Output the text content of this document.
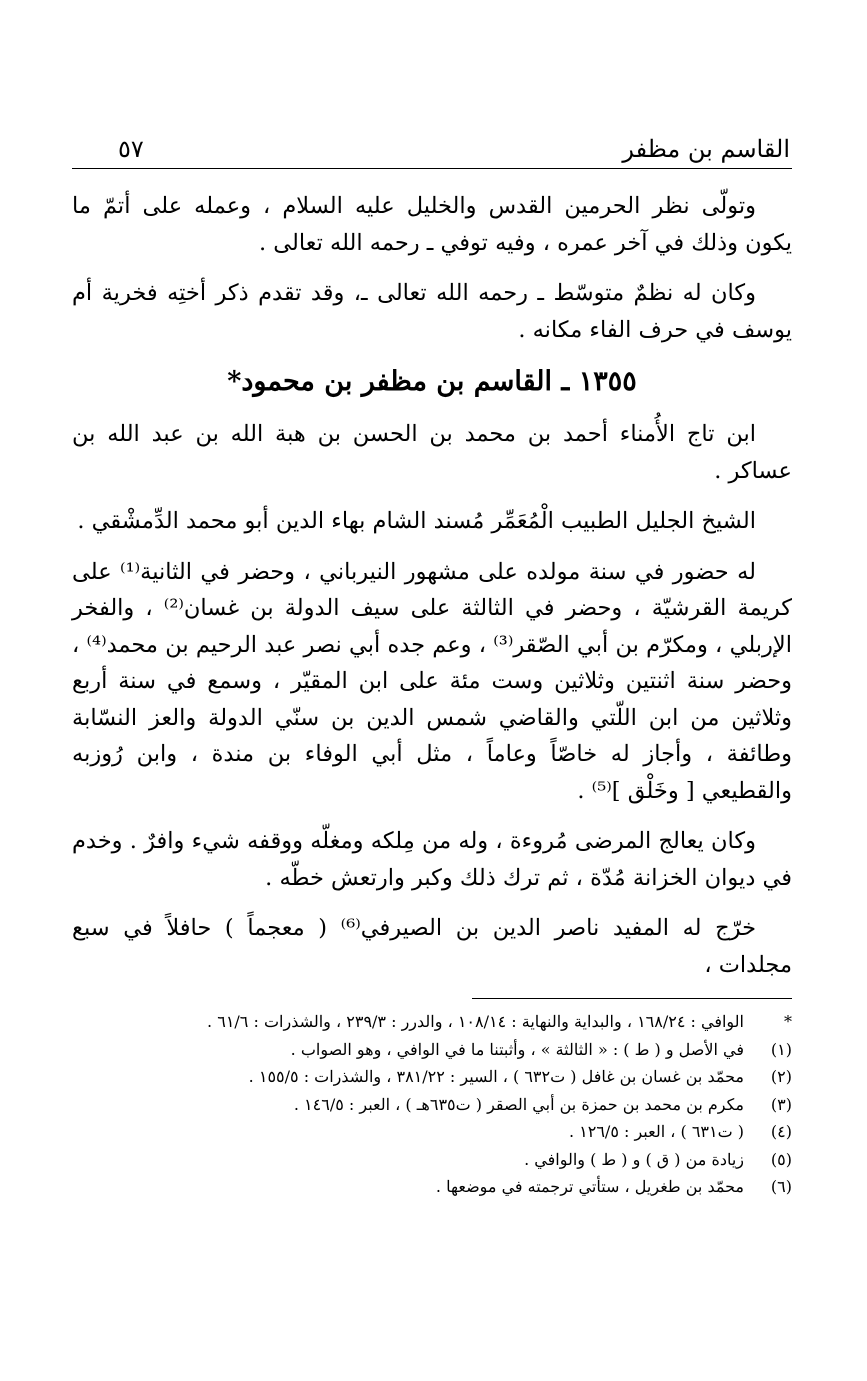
القاسم بن مظفر
٥٧

وتولّى نظر الحرمين القدس والخليل عليه السلام ، وعمله على أتمّ ما يكون وذلك في آخر عمره ، وفيه توفي ـ رحمه الله تعالى .

وكان له نظمٌ متوسّط ـ رحمه الله تعالى ـ، وقد تقدم ذكر أختِه فخرية أم يوسف في حرف الفاء مكانه .

١٣٥٥ ـ القاسم بن مظفر بن محمود*

ابن تاج الأُمناء أحمد بن محمد بن الحسن بن هبة الله بن عبد الله بن عساكر .

الشيخ الجليل الطبيب الْمُعَمِّر مُسند الشام بهاء الدين أبو محمد الدِّمشْقي .

له حضور في سنة مولده على مشهور النيرباني ، وحضر في الثانية⁽¹⁾ على كريمة القرشيّة ، وحضر في الثالثة على سيف الدولة بن غسان⁽²⁾ ، والفخر الإربلي ، ومكرّم بن أبي الصّقر⁽³⁾ ، وعم جده أبي نصر عبد الرحيم بن محمد⁽⁴⁾ ، وحضر سنة اثنتين وثلاثين وست مئة على ابن المقيّر ، وسمع في سنة أربع وثلاثين من ابن اللّتي والقاضي شمس الدين بن سنّي الدولة والعز النسّابة وطائفة ، وأجاز له خاصّاً وعاماً ، مثل أبي الوفاء بن مندة ، وابن رُوزبه والقطيعي [ وخَلْق ]⁽⁵⁾ .

وكان يعالج المرضى مُروءة ، وله من مِلكه ومغلّه ووقفه شيء وافرٌ . وخدم في ديوان الخزانة مُدّة ، ثم ترك ذلك وكبر وارتعش خطّه .

خرّج له المفيد ناصر الدين بن الصيرفي⁽⁶⁾ ( معجماً ) حافلاً في سبع مجلدات ،

*
الوافي : ١٦٨/٢٤ ، والبداية والنهاية : ١٠٨/١٤ ، والدرر : ٢٣٩/٣ ، والشذرات : ٦١/٦ .
(١)
في الأصل و ( ط ) : « الثالثة » ، وأثبتنا ما في الوافي ، وهو الصواب .
(٢)
محمّد بن غسان بن غافل ( ت٦٣٢ ) ، السير : ٣٨١/٢٢ ، والشذرات : ١٥٥/٥ .
(٣)
مكرم بن محمد بن حمزة بن أبي الصقر ( ت٦٣٥هـ ) ، العبر : ١٤٦/٥ .
(٤)
( ت٦٣١ ) ، العبر : ١٢٦/٥ .
(٥)
زيادة من ( ق ) و ( ط ) والوافي .
(٦)
محمّد بن طغريل ، ستأتي ترجمته في موضعها .
